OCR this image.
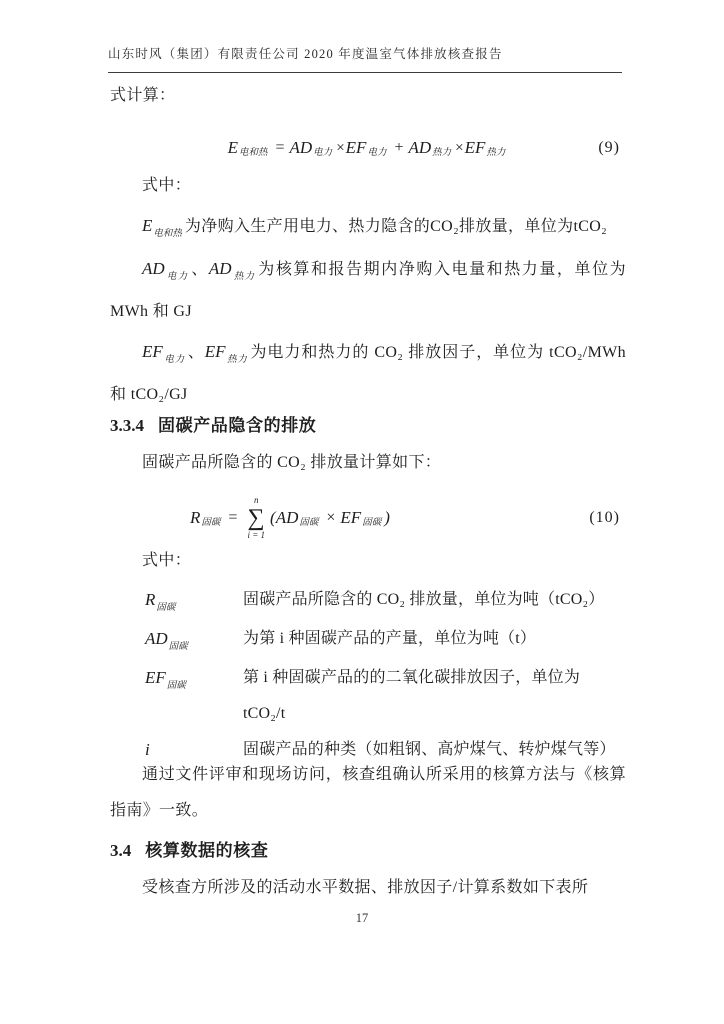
山东时风（集团）有限责任公司 2020 年度温室气体排放核查报告

式计算：

E 电和热 = AD 电力 × EF 电力 + AD 热力 × EF 热力	(9)

式中：

$E_{电和热}$ 为净购入生产用电力、热力隐含的CO₂排放量，单位为tCO₂

$AD_{电力}$ 、$AD_{热力}$ 为核算和报告期内净购入电量和热力量，单位为 MWh 和 GJ

$EF_{电力}$ 、$EF_{热力}$ 为电力和热力的 CO₂ 排放因子，单位为 tCO₂/MWh 和 tCO₂/GJ

3.3.4 固碳产品隐含的排放

固碳产品所隐含的 CO₂ 排放量计算如下：

R 固碳 =
n
∑
i = 1
( AD 固碳 × EF 固碳 )	(10)

式中：

$R_{固碳}$	固碳产品所隐含的 CO₂ 排放量，单位为吨（tCO₂）
$AD_{固碳}$	为第 i 种固碳产品的产量，单位为吨（t）
$EF_{固碳}$	第 i 种固碳产品的的二氧化碳排放因子，单位为
tCO₂/t
i	固碳产品的种类（如粗钢、高炉煤气、转炉煤气等）

通过文件评审和现场访问，核查组确认所采用的核算方法与《核算指南》一致。

3.4 核算数据的核查

受核查方所涉及的活动水平数据、排放因子/计算系数如下表所

17
